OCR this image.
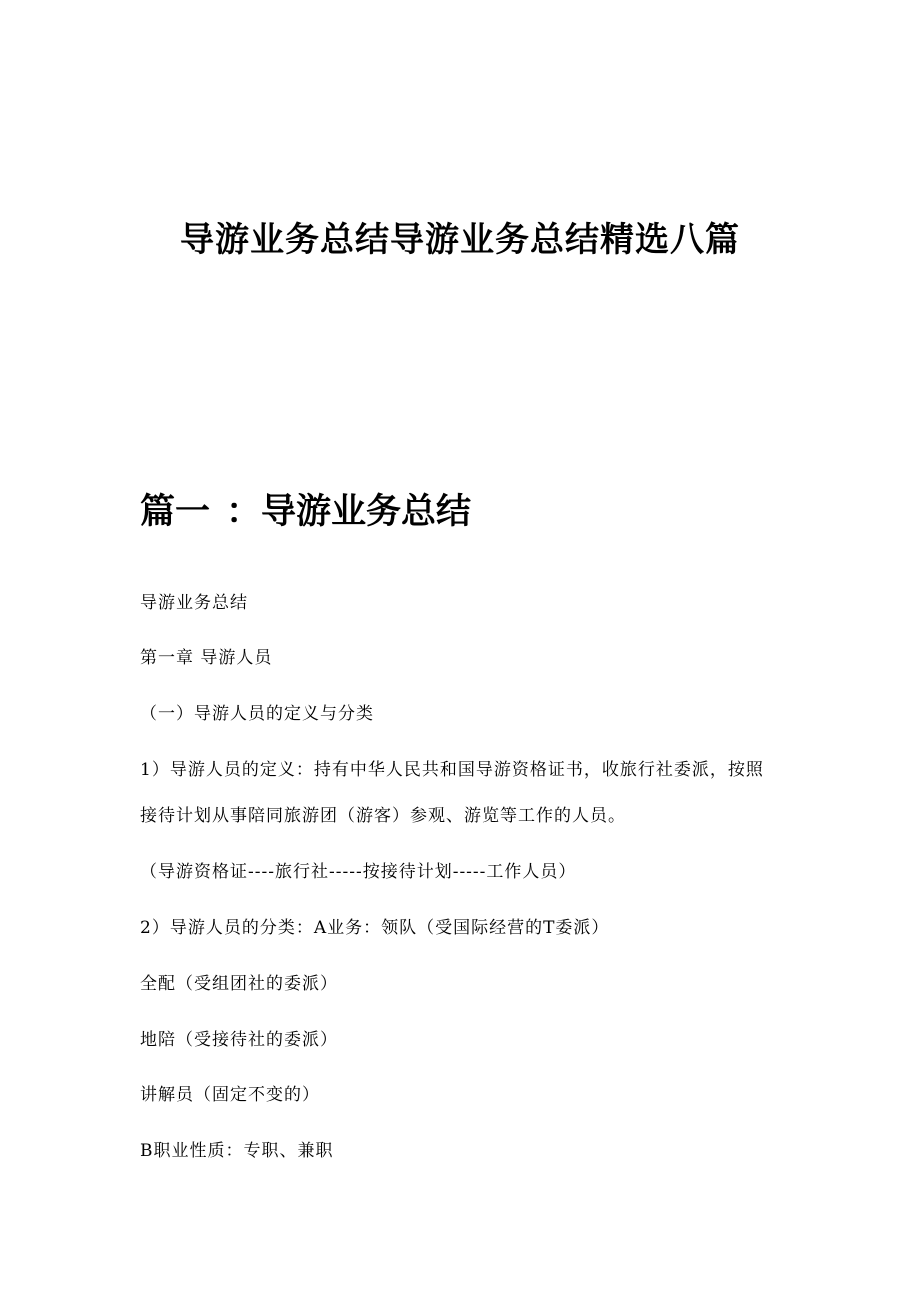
导游业务总结导游业务总结精选八篇
篇一 ：导游业务总结
导游业务总结
第一章 导游人员
（一）导游人员的定义与分类
1）导游人员的定义：持有中华人民共和国导游资格证书，收旅行社委派，按照
接待计划从事陪同旅游团（游客）参观、游览等工作的人员。
（导游资格证----旅行社-----按接待计划-----工作人员）
2）导游人员的分类：A业务：领队（受国际经营的T委派）
全配（受组团社的委派）
地陪（受接待社的委派）
讲解员（固定不变的）
B职业性质：专职、兼职
